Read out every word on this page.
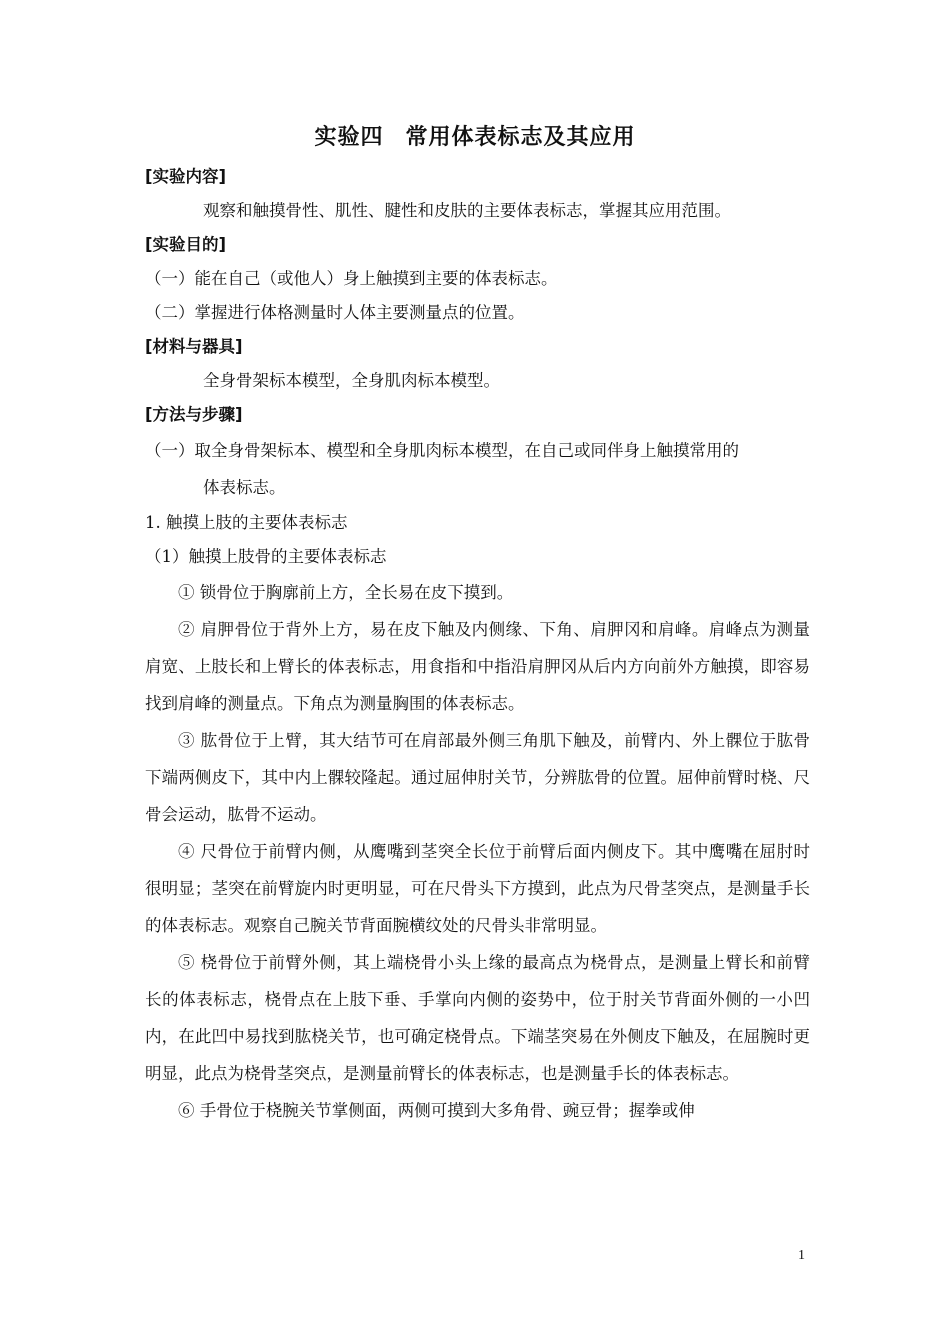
实验四 常用体表标志及其应用
[实验内容]
观察和触摸骨性、肌性、腱性和皮肤的主要体表标志，掌握其应用范围。
[实验目的]
（一）能在自己（或他人）身上触摸到主要的体表标志。
（二）掌握进行体格测量时人体主要测量点的位置。
[材料与器具]
全身骨架标本模型，全身肌肉标本模型。
[方法与步骤]
（一）取全身骨架标本、模型和全身肌肉标本模型，在自己或同伴身上触摸常用的
体表标志。
1. 触摸上肢的主要体表标志
（1）触摸上肢骨的主要体表标志
① 锁骨位于胸廓前上方，全长易在皮下摸到。
② 肩胛骨位于背外上方，易在皮下触及内侧缘、下角、肩胛冈和肩峰。肩峰点为测量肩宽、上肢长和上臂长的体表标志，用食指和中指沿肩胛冈从后内方向前外方触摸，即容易找到肩峰的测量点。下角点为测量胸围的体表标志。
③ 肱骨位于上臂，其大结节可在肩部最外侧三角肌下触及，前臂内、外上髁位于肱骨下端两侧皮下，其中内上髁较隆起。通过屈伸肘关节，分辨肱骨的位置。屈伸前臂时桡、尺骨会运动，肱骨不运动。
④ 尺骨位于前臂内侧，从鹰嘴到茎突全长位于前臂后面内侧皮下。其中鹰嘴在屈肘时很明显；茎突在前臂旋内时更明显，可在尺骨头下方摸到，此点为尺骨茎突点，是测量手长的体表标志。观察自己腕关节背面腕横纹处的尺骨头非常明显。
⑤ 桡骨位于前臂外侧，其上端桡骨小头上缘的最高点为桡骨点，是测量上臂长和前臂长的体表标志，桡骨点在上肢下垂、手掌向内侧的姿势中，位于肘关节背面外侧的一小凹内，在此凹中易找到肱桡关节，也可确定桡骨点。下端茎突易在外侧皮下触及，在屈腕时更明显，此点为桡骨茎突点，是测量前臂长的体表标志，也是测量手长的体表标志。
⑥ 手骨位于桡腕关节掌侧面，两侧可摸到大多角骨、豌豆骨；握拳或伸
1
